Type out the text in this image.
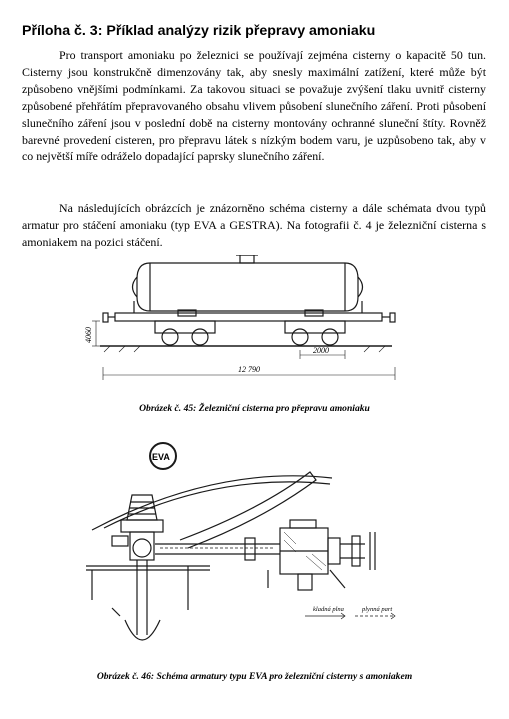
Příloha č. 3: Příklad analýzy rizik přepravy amoniaku

Pro transport amoniaku po železnici se používají zejména cisterny o kapacitě 50 tun. Cisterny jsou konstrukčně dimenzovány tak, aby snesly maximální zatížení, které může být způsobeno vnějšími podmínkami. Za takovou situaci se považuje zvýšení tlaku uvnitř cisterny způsobené přehřátím přepravovaného obsahu vlivem působení slunečního záření. Proti působení slunečního záření jsou v poslední době na cisterny montovány ochranné sluneční štíty. Rovněž barevné provedení cisteren, pro přepravu látek s nízkým bodem varu, je uzpůsobeno tak, aby v co největší míře odráželo dopadající paprsky slunečního záření.

Na následujících obrázcích je znázorněno schéma cisterny a dále schémata dvou typů armatur pro stáčení amoniaku (typ EVA a GESTRA). Na fotografii č. 4 je železniční cisterna s amoniakem na pozici stáčení.

4060
2000
12 790
Obrázek č. 45: Železniční cisterna pro přepravu amoniaku
EVA
kladná plna	plynná part
Obrázek č. 46: Schéma armatury typu EVA pro železniční cisterny s amoniakem
